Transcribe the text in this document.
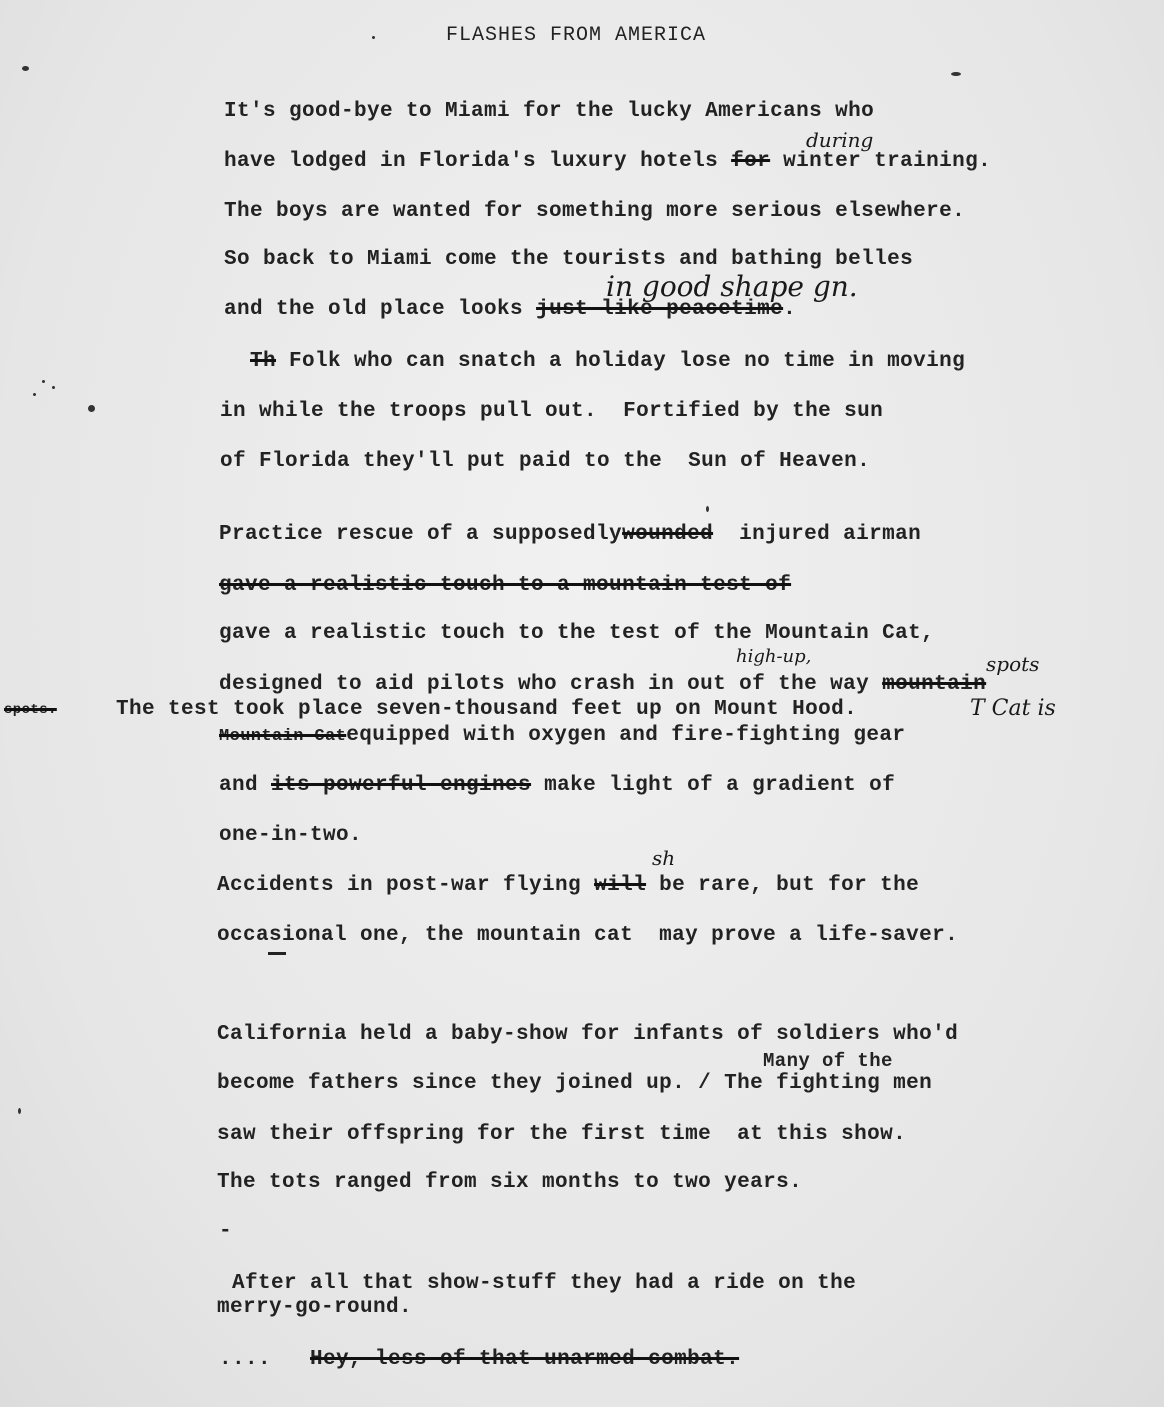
FLASHES FROM AMERICA
It's good-bye to Miami for the lucky Americans who
during
have lodged in Florida's luxury hotels for winter training.
The boys are wanted for something more serious elsewhere.
So back to Miami come the tourists and bathing belles
in good shape gn.
and the old place looks just like peacetime.
Th Folk who can snatch a holiday lose no time in moving
in while the troops pull out.  Fortified by the sun
of Florida they'll put paid to the  Sun of Heaven.
Practice rescue of a supposedlywounded  injured airman
gave a realistic touch to a mountain test of
gave a realistic touch to the test of the Mountain Cat,
high-up,	spots
designed to aid pilots who crash in out of the way mountain
spots.	The test took place seven-thousand feet up on Mount Hood.	T Cat is
Mountain Catequipped with oxygen and fire-fighting gear
and its powerful engines make light of a gradient of
one-in-two.
sh
Accidents in post-war flying will be rare, but for the
occasional one, the mountain cat  may prove a life-saver.
California held a baby-show for infants of soldiers who'd
Many of the
become fathers since they joined up. / The fighting men
saw their offspring for the first time  at this show.
The tots ranged from six months to two years.
-
After all that show-stuff they had a ride on the
merry-go-round.
.... Hey, less of that unarmed combat.
